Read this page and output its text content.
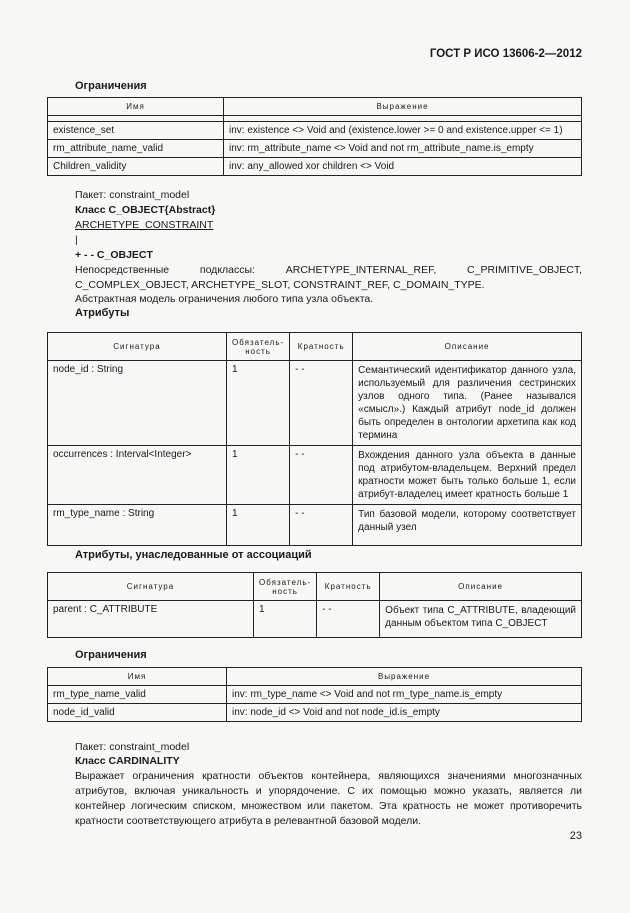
ГОСТ Р ИСО 13606-2—2012
Ограничения
Имя	Выражение

existence_set	inv: existence <> Void and (existence.lower >= 0 and existence.upper <= 1)
rm_attribute_name_valid	inv: rm_attribute_name <> Void and not rm_attribute_name.is_empty
Children_validity	inv: any_allowed xor children <> Void
Пакет: constraint_model
Класс C_OBJECT{Abstract}
ARCHETYPE_CONSTRAINT
|
+ - - C_OBJECT
Непосредственные подклассы: ARCHETYPE_INTERNAL_REF, C_PRIMITIVE_OBJECT, C_COMPLEX_OBJECT, ARCHETYPE_SLOT, CONSTRAINT_REF, C_DOMAIN_TYPE.
Абстрактная модель ограничения любого типа узла объекта.
Атрибуты
Сигнатура	Обязатель-ность	Кратность	Описание
node_id : String	1	- -	Семантический идентификатор данного узла, используемый для различения сестринских узлов одного типа. (Ранее назывался «смысл».) Каждый атрибут node_id должен быть определен в онтологии архетипа как код термина
occurrences : Interval<Integer>	1	- -	Вхождения данного узла объекта в данные под атрибутом-владельцем. Верхний предел кратности может быть только больше 1, если атрибут-владелец имеет кратность больше 1
rm_type_name : String	1	- -	Тип базовой модели, которому соответствует данный узел
Атрибуты, унаследованные от ассоциаций
Сигнатура	Обязатель-ность	Кратность	Описание
parent : C_ATTRIBUTE	1	- -	Объект типа C_ATTRIBUTE, владеющий данным объектом типа C_OBJECT
Ограничения
Имя	Выражение
rm_type_name_valid	inv: rm_type_name <> Void and not rm_type_name.is_empty
node_id_valid	inv: node_id <> Void and not node_id.is_empty
Пакет: constraint_model
Класс CARDINALITY
Выражает ограничения кратности объектов контейнера, являющихся значениями многозначных атрибутов, включая уникальность и упорядочение. С их помощью можно указать, является ли контейнер логическим списком, множеством или пакетом. Эта кратность не может противоречить кратности соответствующего атрибута в релевантной базовой модели.
23
